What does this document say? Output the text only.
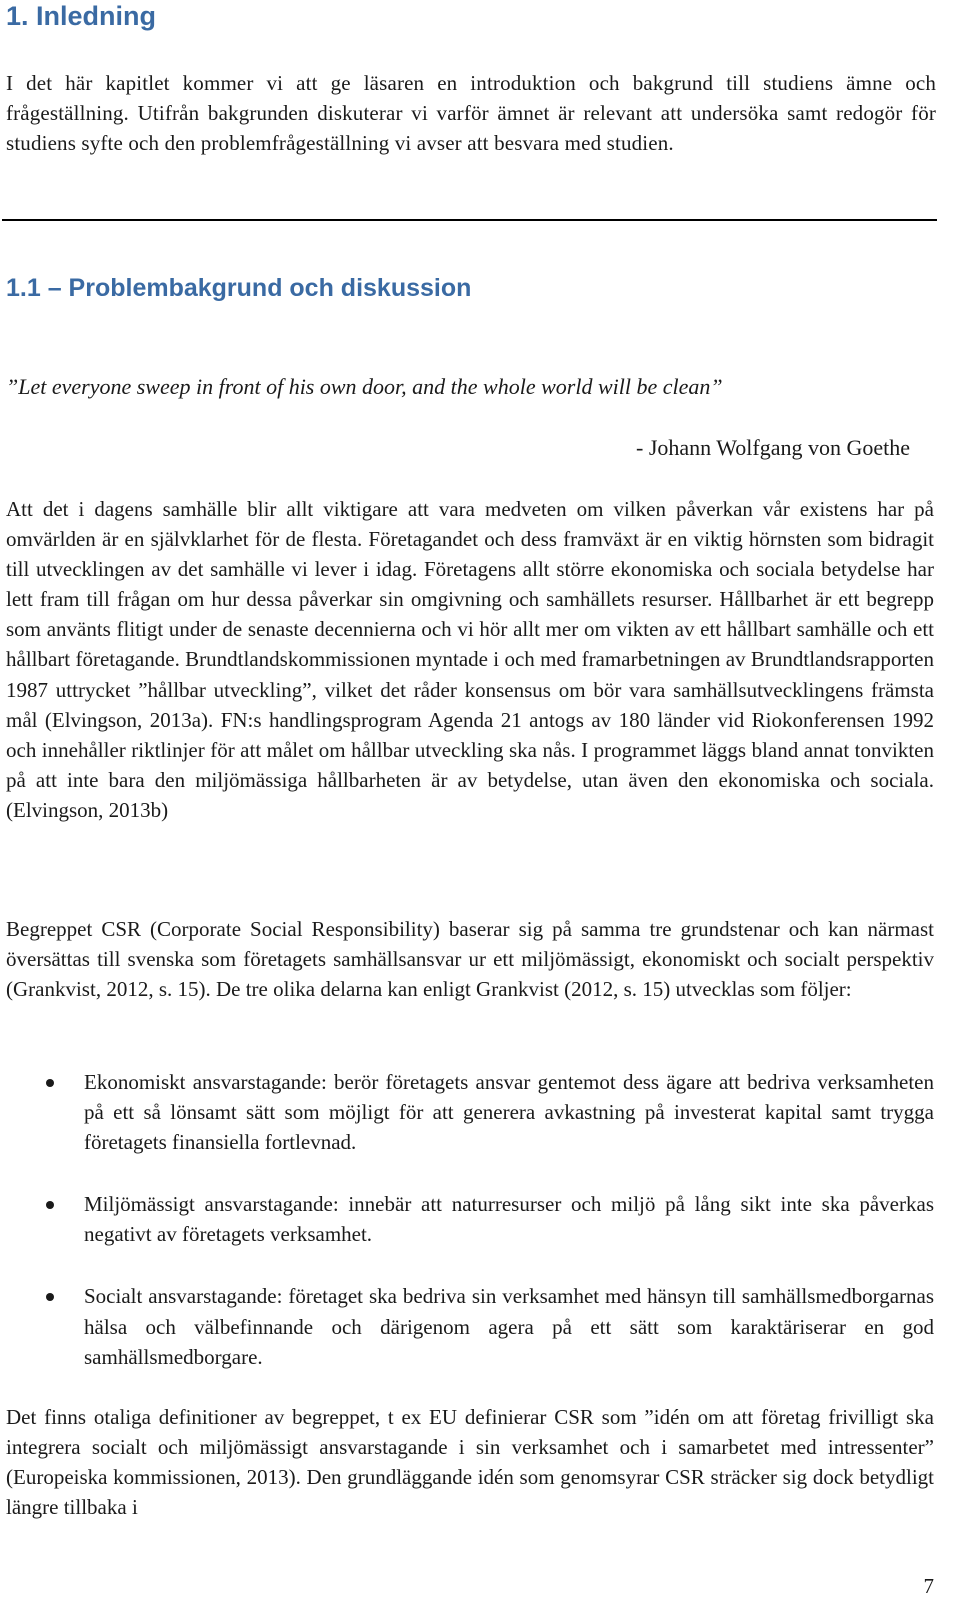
1. Inledning

I det här kapitlet kommer vi att ge läsaren en introduktion och bakgrund till studiens ämne och frågeställning. Utifrån bakgrunden diskuterar vi varför ämnet är relevant att undersöka samt redogör för studiens syfte och den problemfrågeställning vi avser att besvara med studien.

1.1 – Problembakgrund och diskussion

”Let everyone sweep in front of his own door, and the whole world will be clean”

- Johann Wolfgang von Goethe

Att det i dagens samhälle blir allt viktigare att vara medveten om vilken påverkan vår existens har på omvärlden är en självklarhet för de flesta. Företagandet och dess framväxt är en viktig hörnsten som bidragit till utvecklingen av det samhälle vi lever i idag. Företagens allt större ekonomiska och sociala betydelse har lett fram till frågan om hur dessa påverkar sin omgivning och samhällets resurser. Hållbarhet är ett begrepp som använts flitigt under de senaste decennierna och vi hör allt mer om vikten av ett hållbart samhälle och ett hållbart företagande. Brundtlandskommissionen myntade i och med framarbetningen av Brundtlandsrapporten 1987 uttrycket ”hållbar utveckling”, vilket det råder konsensus om bör vara samhällsutvecklingens främsta mål (Elvingson, 2013a). FN:s handlingsprogram Agenda 21 antogs av 180 länder vid Riokonferensen 1992 och innehåller riktlinjer för att målet om hållbar utveckling ska nås. I programmet läggs bland annat tonvikten på att inte bara den miljömässiga hållbarheten är av betydelse, utan även den ekonomiska och sociala. (Elvingson, 2013b)

Begreppet CSR (Corporate Social Responsibility) baserar sig på samma tre grundstenar och kan närmast översättas till svenska som företagets samhällsansvar ur ett miljömässigt, ekonomiskt och socialt perspektiv (Grankvist, 2012, s. 15). De tre olika delarna kan enligt Grankvist (2012, s. 15) utvecklas som följer:

Ekonomiskt ansvarstagande: berör företagets ansvar gentemot dess ägare att bedriva verksamheten på ett så lönsamt sätt som möjligt för att generera avkastning på investerat kapital samt trygga företagets finansiella fortlevnad.
Miljömässigt ansvarstagande: innebär att naturresurser och miljö på lång sikt inte ska påverkas negativt av företagets verksamhet.
Socialt ansvarstagande: företaget ska bedriva sin verksamhet med hänsyn till samhällsmedborgarnas hälsa och välbefinnande och därigenom agera på ett sätt som karaktäriserar en god samhällsmedborgare.

Det finns otaliga definitioner av begreppet, t ex EU definierar CSR som ”idén om att företag frivilligt ska integrera socialt och miljömässigt ansvarstagande i sin verksamhet och i samarbetet med intressenter” (Europeiska kommissionen, 2013). Den grundläggande idén som genomsyrar CSR sträcker sig dock betydligt längre tillbaka i

7
